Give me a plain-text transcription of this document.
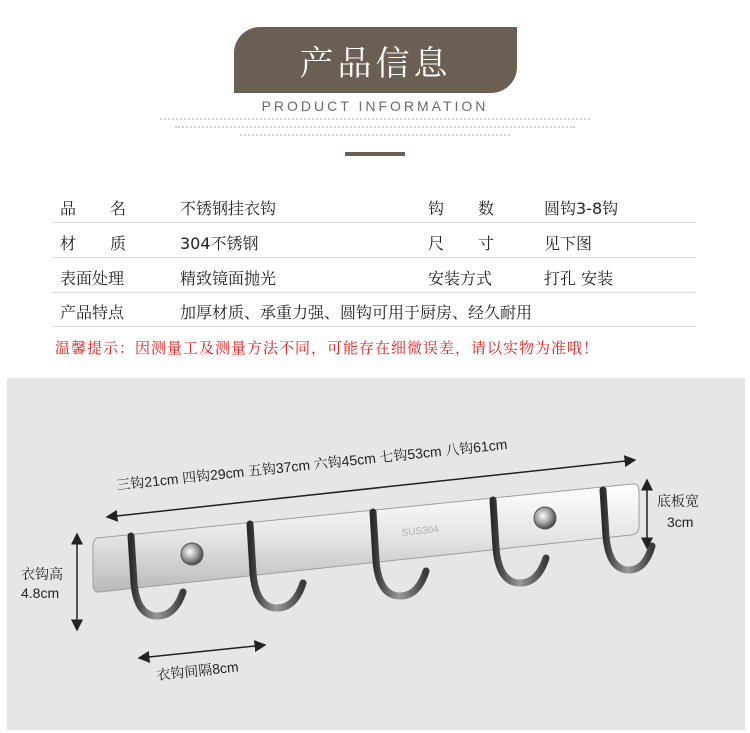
产品信息
PRODUCT INFORMATION
品名 不锈钢挂衣钩	钩数 圆钩3-8钩
材质 304不锈钢	尺寸 见下图
表面处理	精致镜面抛光	安装方式	打孔 安装
产品特点	加厚材质、承重力强、圆钩可用于厨房、经久耐用
温馨提示：因测量工及测量方法不同，可能存在细微误差，请以实物为准哦！
三钩21cm 四钩29cm 五钩37cm 六钩45cm 七钩53cm 八钩61cm
SUS304
底板宽
3cm
衣钩高
4.8cm
衣钩间隔8cm
